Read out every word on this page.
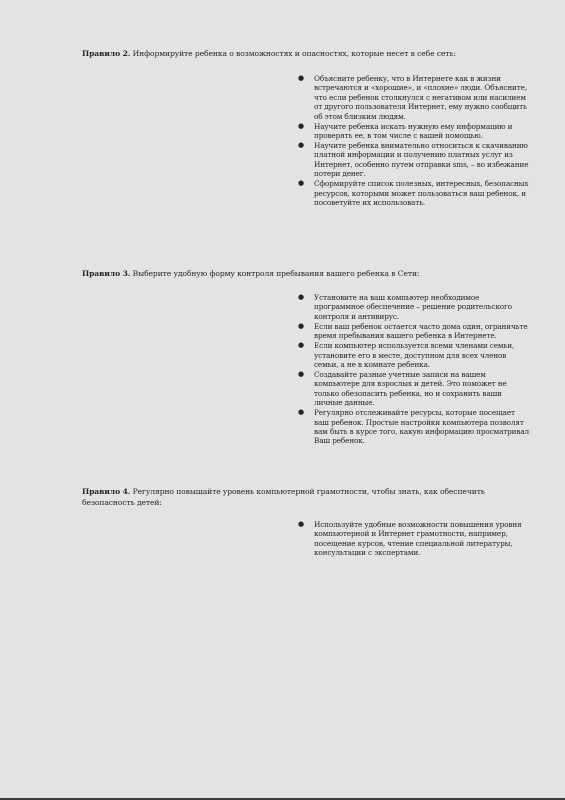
Правило 2. Информируйте ребенка о возможностях и опасностях, которые несет в себе сеть:

● Объясните ребенку, что в Интернете как в жизни встречаются и «хорошие», и «плохие» люди. Объясните, что если ребенок столкнулся с негативом или насилием от другого пользователя Интернет, ему нужно сообщить об этом близким людям.
● Научите ребенка искать нужную ему информацию и проверять ее, в том числе с вашей помощью.
● Научите ребенка внимательно относиться к скачиванию платной информации и получению платных услуг из Интернет, особенно путем отправки sms, – во избежание потери денег.
● Сформируйте список полезных, интересных, безопасных ресурсов, которыми может пользоваться ваш ребенок, и посоветуйте их использовать.

Правило 3. Выберите удобную форму контроля пребывания вашего ребенка в Сети:

● Установите на ваш компьютер необходимое программное обеспечение – решение родительского контроля и антивирус.
● Если ваш ребенок остается часто дома один, ограничьте время пребывания вашего ребенка в Интернете.
● Если компьютер используется всеми членами семьи, установите его в месте, доступном для всех членов семьи, а не в комнате ребенка.
● Создавайте разные учетные записи на вашем компьютере для взрослых и детей. Это поможет не только обезопасить ребенка, но и сохранить ваши личные данные.
● Регулярно отслеживайте ресурсы, которые посещает ваш ребенок. Простые настройки компьютера позволят вам быть в курсе того, какую информацию просматривал Ваш ребенок.

Правило 4. Регулярно повышайте уровень компьютерной грамотности, чтобы знать, как обеспечить безопасность детей:

● Используйте удобные возможности повышения уровня компьютерной и Интернет грамотности, например, посещение курсов, чтение специальной литературы, консультации с экспертами.
